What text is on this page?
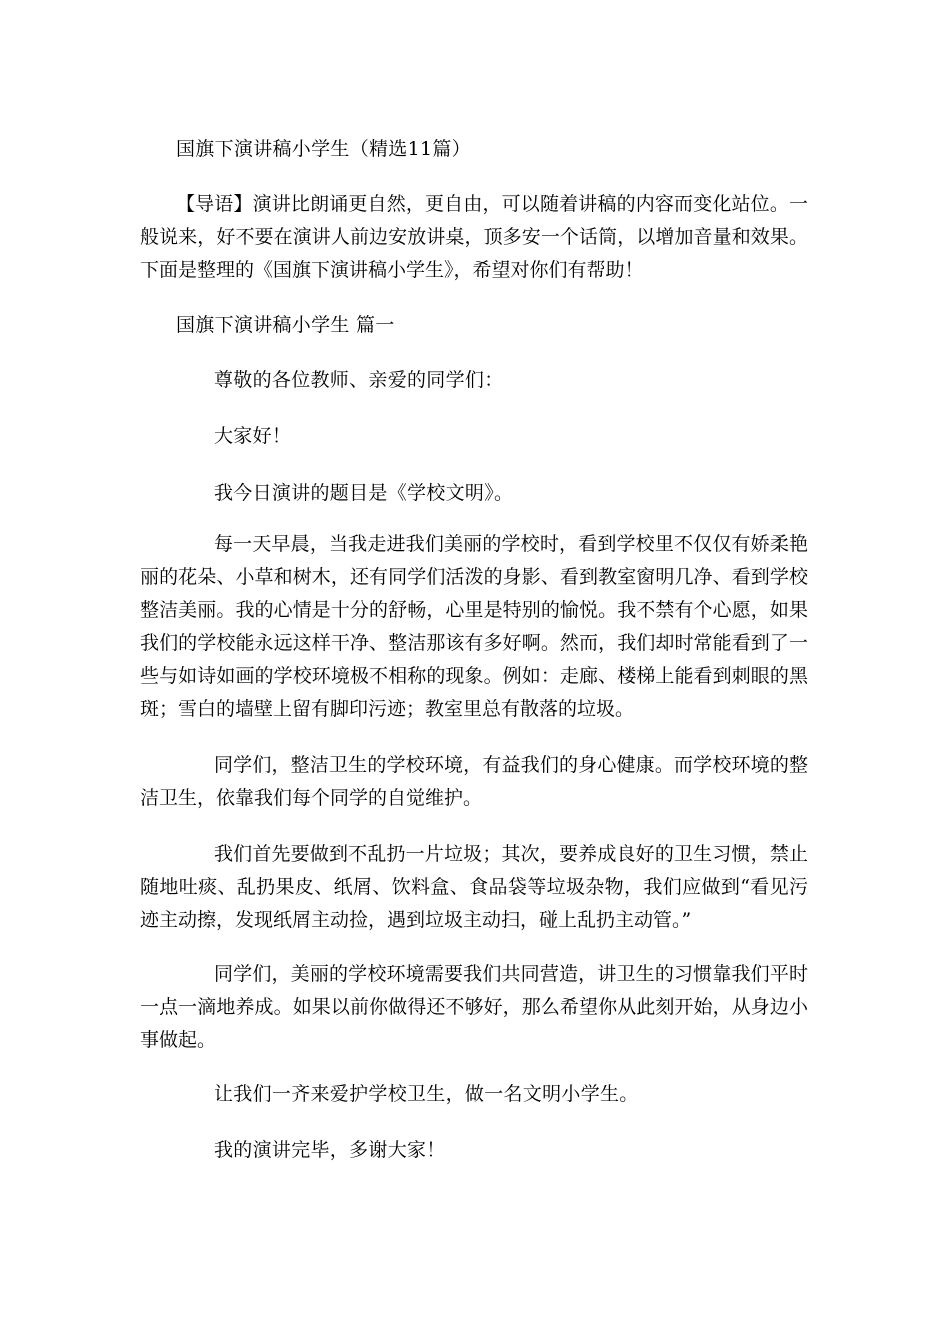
国旗下演讲稿小学生（精选11篇）
【导语】演讲比朗诵更自然，更自由，可以随着讲稿的内容而变化站位。一般说来，好不要在演讲人前边安放讲桌，顶多安一个话筒，以增加音量和效果。下面是整理的《国旗下演讲稿小学生》，希望对你们有帮助！
国旗下演讲稿小学生 篇一
尊敬的各位教师、亲爱的同学们：
大家好！
我今日演讲的题目是《学校文明》。
每一天早晨，当我走进我们美丽的学校时，看到学校里不仅仅有娇柔艳丽的花朵、小草和树木，还有同学们活泼的身影、看到教室窗明几净、看到学校整洁美丽。我的心情是十分的舒畅，心里是特别的愉悦。我不禁有个心愿，如果我们的学校能永远这样干净、整洁那该有多好啊。然而，我们却时常能看到了一些与如诗如画的学校环境极不相称的现象。例如：走廊、楼梯上能看到刺眼的黑斑；雪白的墙壁上留有脚印污迹；教室里总有散落的垃圾。
同学们，整洁卫生的学校环境，有益我们的身心健康。而学校环境的整洁卫生，依靠我们每个同学的自觉维护。
我们首先要做到不乱扔一片垃圾；其次，要养成良好的卫生习惯，禁止随地吐痰、乱扔果皮、纸屑、饮料盒、食品袋等垃圾杂物，我们应做到“看见污迹主动擦，发现纸屑主动捡，遇到垃圾主动扫，碰上乱扔主动管。”
同学们，美丽的学校环境需要我们共同营造，讲卫生的习惯靠我们平时一点一滴地养成。如果以前你做得还不够好，那么希望你从此刻开始，从身边小事做起。
让我们一齐来爱护学校卫生，做一名文明小学生。
我的演讲完毕，多谢大家！
